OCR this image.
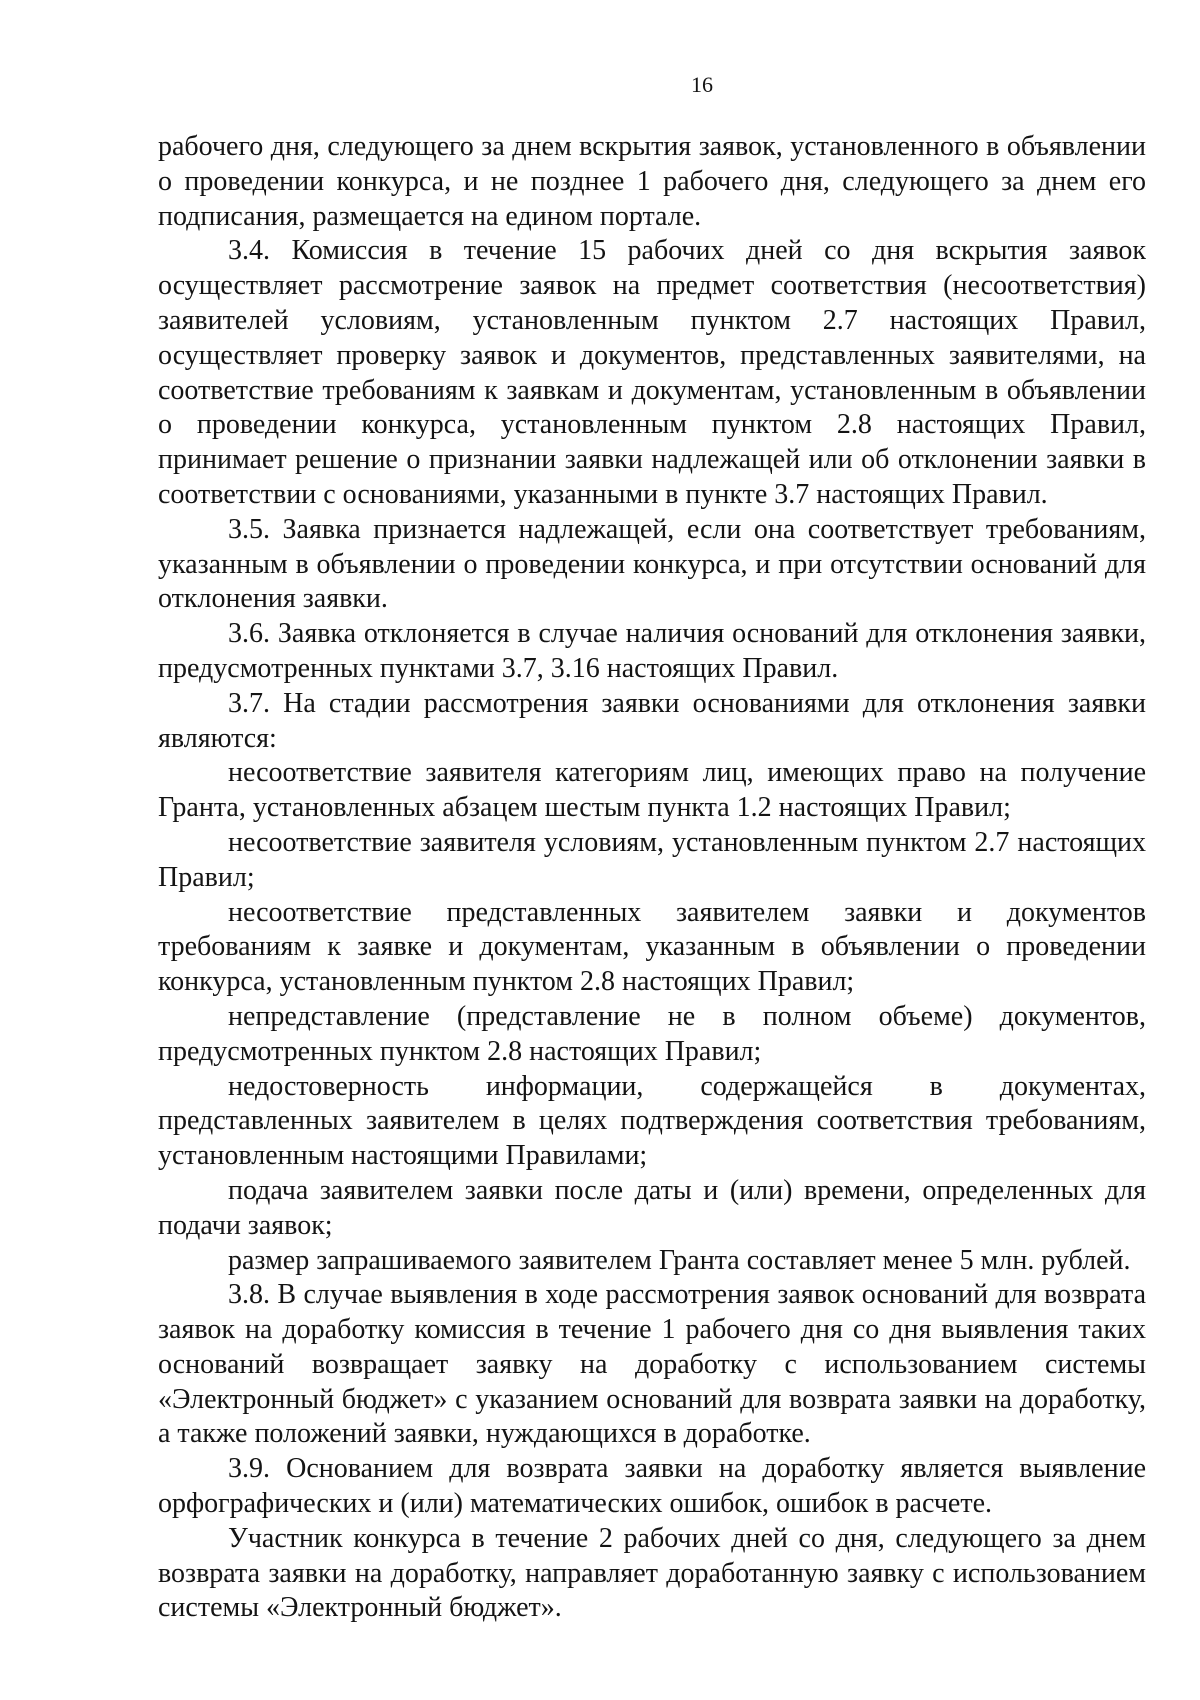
16

рабочего дня, следующего за днем вскрытия заявок, установленного в объявлении о проведении конкурса, и не позднее 1 рабочего дня, следующего за днем его подписания, размещается на едином портале.

3.4. Комиссия в течение 15 рабочих дней со дня вскрытия заявок осуществляет рассмотрение заявок на предмет соответствия (несоответствия) заявителей условиям, установленным пунктом 2.7 настоящих Правил, осуществляет проверку заявок и документов, представленных заявителями, на соответствие требованиям к заявкам и документам, установленным в объявлении о проведении конкурса, установленным пунктом 2.8 настоящих Правил, принимает решение о признании заявки надлежащей или об отклонении заявки в соответствии с основаниями, указанными в пункте 3.7 настоящих Правил.

3.5. Заявка признается надлежащей, если она соответствует требованиям, указанным в объявлении о проведении конкурса, и при отсутствии оснований для отклонения заявки.

3.6. Заявка отклоняется в случае наличия оснований для отклонения заявки, предусмотренных пунктами 3.7, 3.16 настоящих Правил.

3.7. На стадии рассмотрения заявки основаниями для отклонения заявки являются:

несоответствие заявителя категориям лиц, имеющих право на получение Гранта, установленных абзацем шестым пункта 1.2 настоящих Правил;

несоответствие заявителя условиям, установленным пунктом 2.7 настоящих Правил;

несоответствие представленных заявителем заявки и документов требованиям к заявке и документам, указанным в объявлении о проведении конкурса, установленным пунктом 2.8 настоящих Правил;

непредставление (представление не в полном объеме) документов, предусмотренных пунктом 2.8 настоящих Правил;

недостоверность информации, содержащейся в документах, представленных заявителем в целях подтверждения соответствия требованиям, установленным настоящими Правилами;

подача заявителем заявки после даты и (или) времени, определенных для подачи заявок;

размер запрашиваемого заявителем Гранта составляет менее 5 млн. рублей.

3.8. В случае выявления в ходе рассмотрения заявок оснований для возврата заявок на доработку комиссия в течение 1 рабочего дня со дня выявления таких оснований возвращает заявку на доработку с использованием системы «Электронный бюджет» с указанием оснований для возврата заявки на доработку, а также положений заявки, нуждающихся в доработке.

3.9. Основанием для возврата заявки на доработку является выявление орфографических и (или) математических ошибок, ошибок в расчете.

Участник конкурса в течение 2 рабочих дней со дня, следующего за днем возврата заявки на доработку, направляет доработанную заявку с использованием системы «Электронный бюджет».
